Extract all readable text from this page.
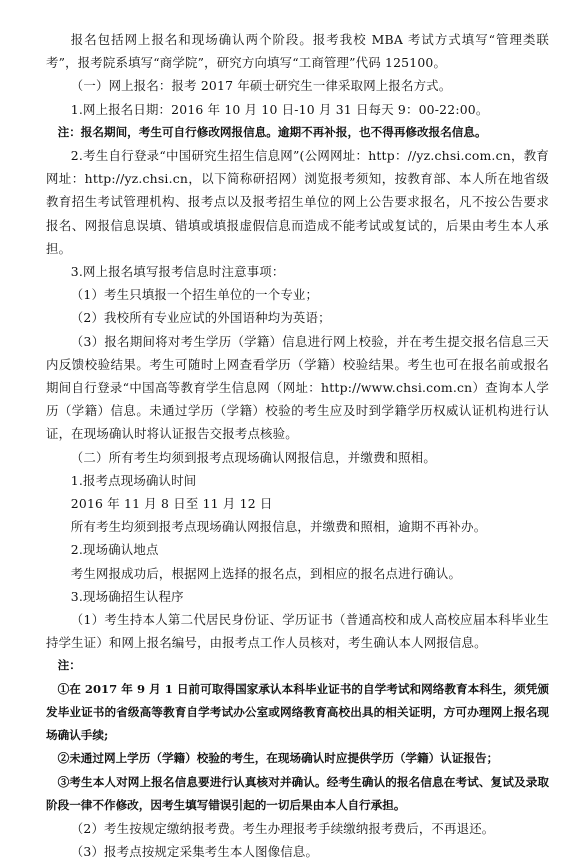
报名包括网上报名和现场确认两个阶段。报考我校 MBA 考试方式填写“管理类联考”，报考院系填写“商学院”，研究方向填写“工商管理”代码 125100。

（一）网上报名：报考 2017 年硕士研究生一律采取网上报名方式。

1.网上报名日期：2016 年 10 月 10 日-10 月 31 日每天 9：00-22:00。

注：报名期间，考生可自行修改网报信息。逾期不再补报，也不得再修改报名信息。

2.考生自行登录“中国研究生招生信息网”(公网网址：http：//yz.chsi.com.cn，教育网址：http://yz.chsi.cn，以下简称研招网）浏览报考须知，按教育部、本人所在地省级教育招生考试管理机构、报考点以及报考招生单位的网上公告要求报名，凡不按公告要求报名、网报信息误填、错填或填报虚假信息而造成不能考试或复试的，后果由考生本人承担。

3.网上报名填写报考信息时注意事项：

（1）考生只填报一个招生单位的一个专业；

（2）我校所有专业应试的外国语种均为英语；

（3）报名期间将对考生学历（学籍）信息进行网上校验，并在考生提交报名信息三天内反馈校验结果。考生可随时上网查看学历（学籍）校验结果。考生也可在报名前或报名期间自行登录“中国高等教育学生信息网（网址：http://www.chsi.com.cn）查询本人学历（学籍）信息。未通过学历（学籍）校验的考生应及时到学籍学历权威认证机构进行认证，在现场确认时将认证报告交报考点核验。

（二）所有考生均须到报考点现场确认网报信息，并缴费和照相。

1.报考点现场确认时间

2016 年 11 月 8 日至 11 月 12 日

所有考生均须到报考点现场确认网报信息，并缴费和照相，逾期不再补办。

2.现场确认地点

考生网报成功后，根据网上选择的报名点，到相应的报名点进行确认。

3.现场确招生认程序

（1）考生持本人第二代居民身份证、学历证书（普通高校和成人高校应届本科毕业生持学生证）和网上报名编号，由报考点工作人员核对，考生确认本人网报信息。

注：

①在 2017 年 9 月 1 日前可取得国家承认本科毕业证书的自学考试和网络教育本科生，须凭颁发毕业证书的省级高等教育自学考试办公室或网络教育高校出具的相关证明，方可办理网上报名现场确认手续;

②未通过网上学历（学籍）校验的考生，在现场确认时应提供学历（学籍）认证报告；

③考生本人对网上报名信息要进行认真核对并确认。经考生确认的报名信息在考试、复试及录取阶段一律不作修改，因考生填写错误引起的一切后果由本人自行承担。

（2）考生按规定缴纳报考费。考生办理报考手续缴纳报考费后，不再退还。

（3）报考点按规定采集考生本人图像信息。
